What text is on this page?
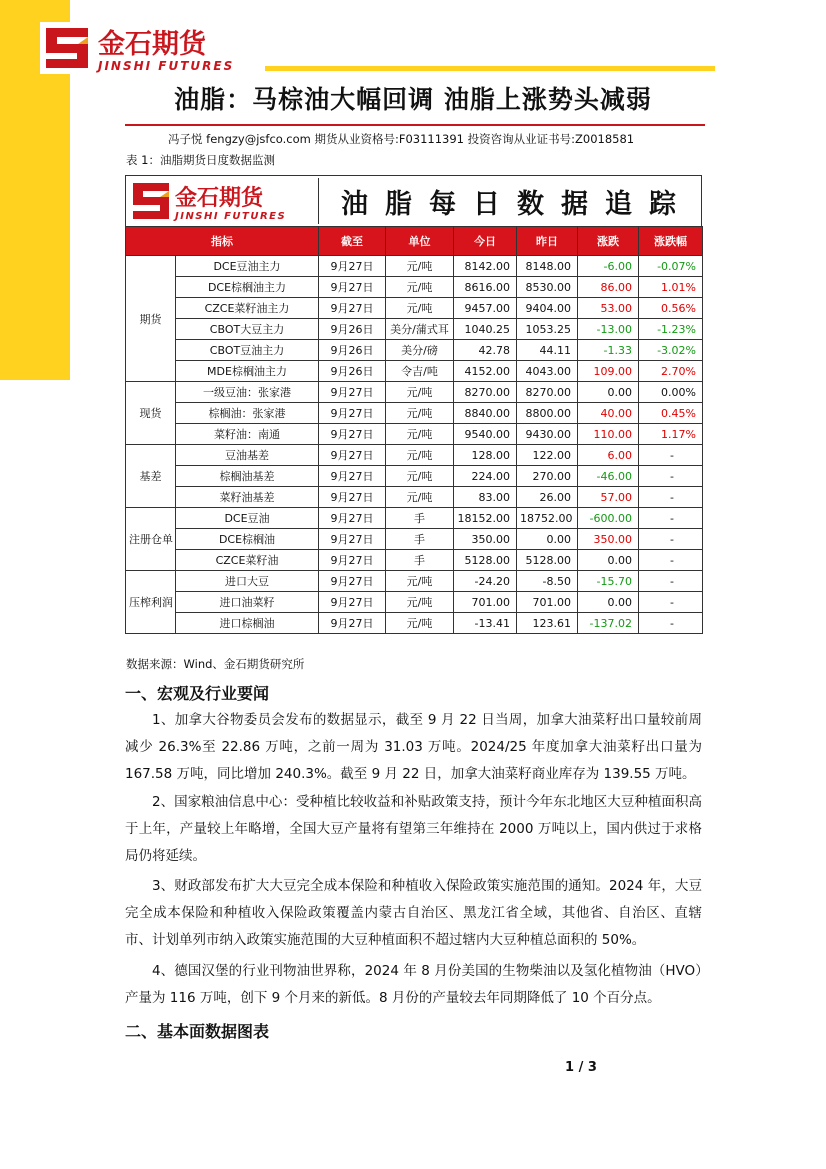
金石期货
JINSHI FUTURES
油脂：马棕油大幅回调 油脂上涨势头减弱
冯子悦 fengzy@jsfco.com 期货从业资格号:F03111391 投资咨询从业证书号:Z0018581
表 1：油脂期货日度数据监测
金石期货
JINSHI FUTURES	油脂每日数据追踪
指标		截至	单位	今日	昨日	涨跌	涨跌幅
期货	DCE豆油主力	9月27日	元/吨	8142.00	8148.00	-6.00	-0.07%
	DCE棕榈油主力	9月27日	元/吨	8616.00	8530.00	86.00	1.01%
	CZCE菜籽油主力	9月27日	元/吨	9457.00	9404.00	53.00	0.56%
	CBOT大豆主力	9月26日	美分/蒲式耳	1040.25	1053.25	-13.00	-1.23%
	CBOT豆油主力	9月26日	美分/磅	42.78	44.11	-1.33	-3.02%
	MDE棕榈油主力	9月26日	令吉/吨	4152.00	4043.00	109.00	2.70%
现货	一级豆油：张家港	9月27日	元/吨	8270.00	8270.00	0.00	0.00%
	棕榈油：张家港	9月27日	元/吨	8840.00	8800.00	40.00	0.45%
	菜籽油：南通	9月27日	元/吨	9540.00	9430.00	110.00	1.17%
基差	豆油基差	9月27日	元/吨	128.00	122.00	6.00	-
	棕榈油基差	9月27日	元/吨	224.00	270.00	-46.00	-
	菜籽油基差	9月27日	元/吨	83.00	26.00	57.00	-
注册仓单	DCE豆油	9月27日	手	18152.00	18752.00	-600.00	-
	DCE棕榈油	9月27日	手	350.00	0.00	350.00	-
	CZCE菜籽油	9月27日	手	5128.00	5128.00	0.00	-
压榨利润	进口大豆	9月27日	元/吨	-24.20	-8.50	-15.70	-
	进口油菜籽	9月27日	元/吨	701.00	701.00	0.00	-
	进口棕榈油	9月27日	元/吨	-13.41	123.61	-137.02	-
数据来源：Wind、金石期货研究所
一、宏观及行业要闻
1、加拿大谷物委员会发布的数据显示，截至 9 月 22 日当周，加拿大油菜籽出口量较前周减少 26.3%至 22.86 万吨，之前一周为 31.03 万吨。2024/25 年度加拿大油菜籽出口量为 167.58 万吨，同比增加 240.3%。截至 9 月 22 日，加拿大油菜籽商业库存为 139.55 万吨。
2、国家粮油信息中心：受种植比较收益和补贴政策支持，预计今年东北地区大豆种植面积高于上年，产量较上年略增，全国大豆产量将有望第三年维持在 2000 万吨以上，国内供过于求格局仍将延续。
3、财政部发布扩大大豆完全成本保险和种植收入保险政策实施范围的通知。2024 年，大豆完全成本保险和种植收入保险政策覆盖内蒙古自治区、黑龙江省全域，其他省、自治区、直辖市、计划单列市纳入政策实施范围的大豆种植面积不超过辖内大豆种植总面积的 50%。
4、德国汉堡的行业刊物油世界称，2024 年 8 月份美国的生物柴油以及氢化植物油（HVO）产量为 116 万吨，创下 9 个月来的新低。8 月份的产量较去年同期降低了 10 个百分点。
二、基本面数据图表
1 / 3
